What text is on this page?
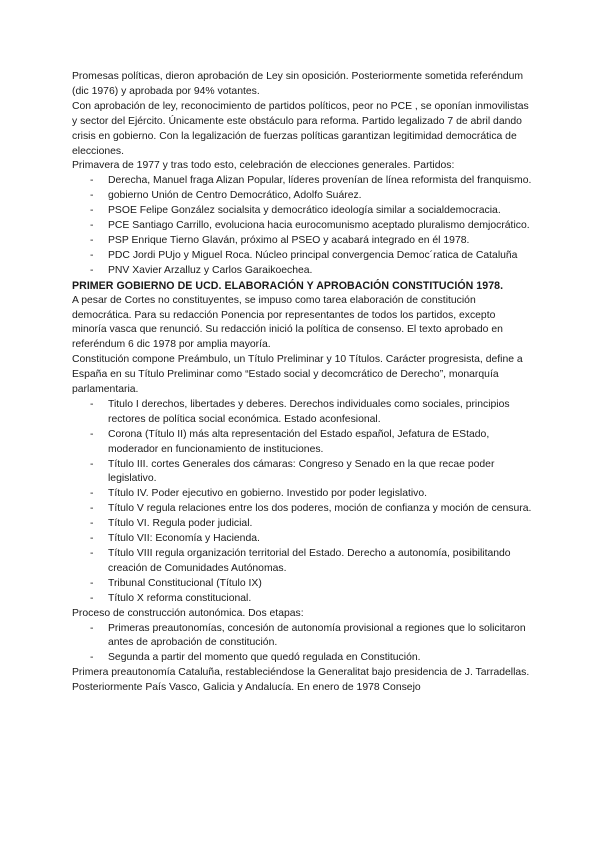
Promesas políticas, dieron aprobación de Ley sin oposición. Posteriormente sometida referéndum (dic 1976) y aprobada por 94% votantes.

Con aprobación de ley, reconocimiento de partidos políticos, peor no PCE , se oponían inmovilistas y sector del Ejército. Únicamente este obstáculo para reforma. Partido legalizado 7 de abril dando crisis en gobierno. Con la legalización de fuerzas políticas garantizan legitimidad democrática de elecciones.

Primavera de 1977 y tras todo esto, celebración de elecciones generales. Partidos:

- Derecha, Manuel fraga Alizan Popular, líderes provenían de línea reformista del franquismo.
- gobierno Unión de Centro Democrático, Adolfo Suárez.
- PSOE Felipe González socialsita y democrático ideología similar a socialdemocracia.
- PCE Santiago Carrillo, evoluciona hacia eurocomunismo aceptado pluralismo demjocrático.
- PSP Enrique Tierno Glaván, próximo al PSEO y acabará integrado en él 1978.
- PDC Jordi PUjo y Miguel Roca. Núcleo principal convergencia Democ´ratica de Cataluña
- PNV Xavier Arzalluz y Carlos Garaikoechea.

PRIMER GOBIERNO DE UCD. ELABORACIÓN Y APROBACIÓN CONSTITUCIÓN 1978.

A pesar de Cortes no constituyentes, se impuso como tarea elaboración de constitución democrática. Para su redacción Ponencia por representantes de todos los partidos, excepto minoría vasca que renunció. Su redacción inició la política de consenso. El texto aprobado en referéndum 6 dic 1978 por amplia mayoría.

Constitución compone Preámbulo, un Título Preliminar y 10 Títulos. Carácter progresista, define a España en su Título Preliminar como “Estado social y decomcrático de Derecho”, monarquía parlamentaria.

- Titulo I derechos, libertades y deberes. Derechos individuales como sociales, principios rectores de política social económica. Estado aconfesional.
- Corona (Título II) más alta representación del Estado español, Jefatura de EStado, moderador en funcionamiento de instituciones.
- Título III. cortes Generales dos cámaras: Congreso y Senado en la que recae poder legislativo.
- Título IV. Poder ejecutivo en gobierno. Investido por poder legislativo.
- Título V regula relaciones entre los dos poderes, moción de confianza y moción de censura.
- Título VI. Regula poder judicial.
- Título VII: Economía y Hacienda.
- Título VIII regula organización territorial del Estado. Derecho a autonomía, posibilitando creación de Comunidades Autónomas.
- Tribunal Constitucional (Título IX)
- Título X reforma constitucional.

Proceso de construcción autonómica. Dos etapas:

- Primeras preautonomías, concesión de autonomía provisional a regiones que lo solicitaron antes de aprobación de constitución.
- Segunda a partir del momento que quedó regulada en Constitución.

Primera preautonomía Cataluña, restableciéndose la Generalitat bajo presidencia de J. Tarradellas. Posteriormente País Vasco, Galicia y Andalucía. En enero de 1978 Consejo
